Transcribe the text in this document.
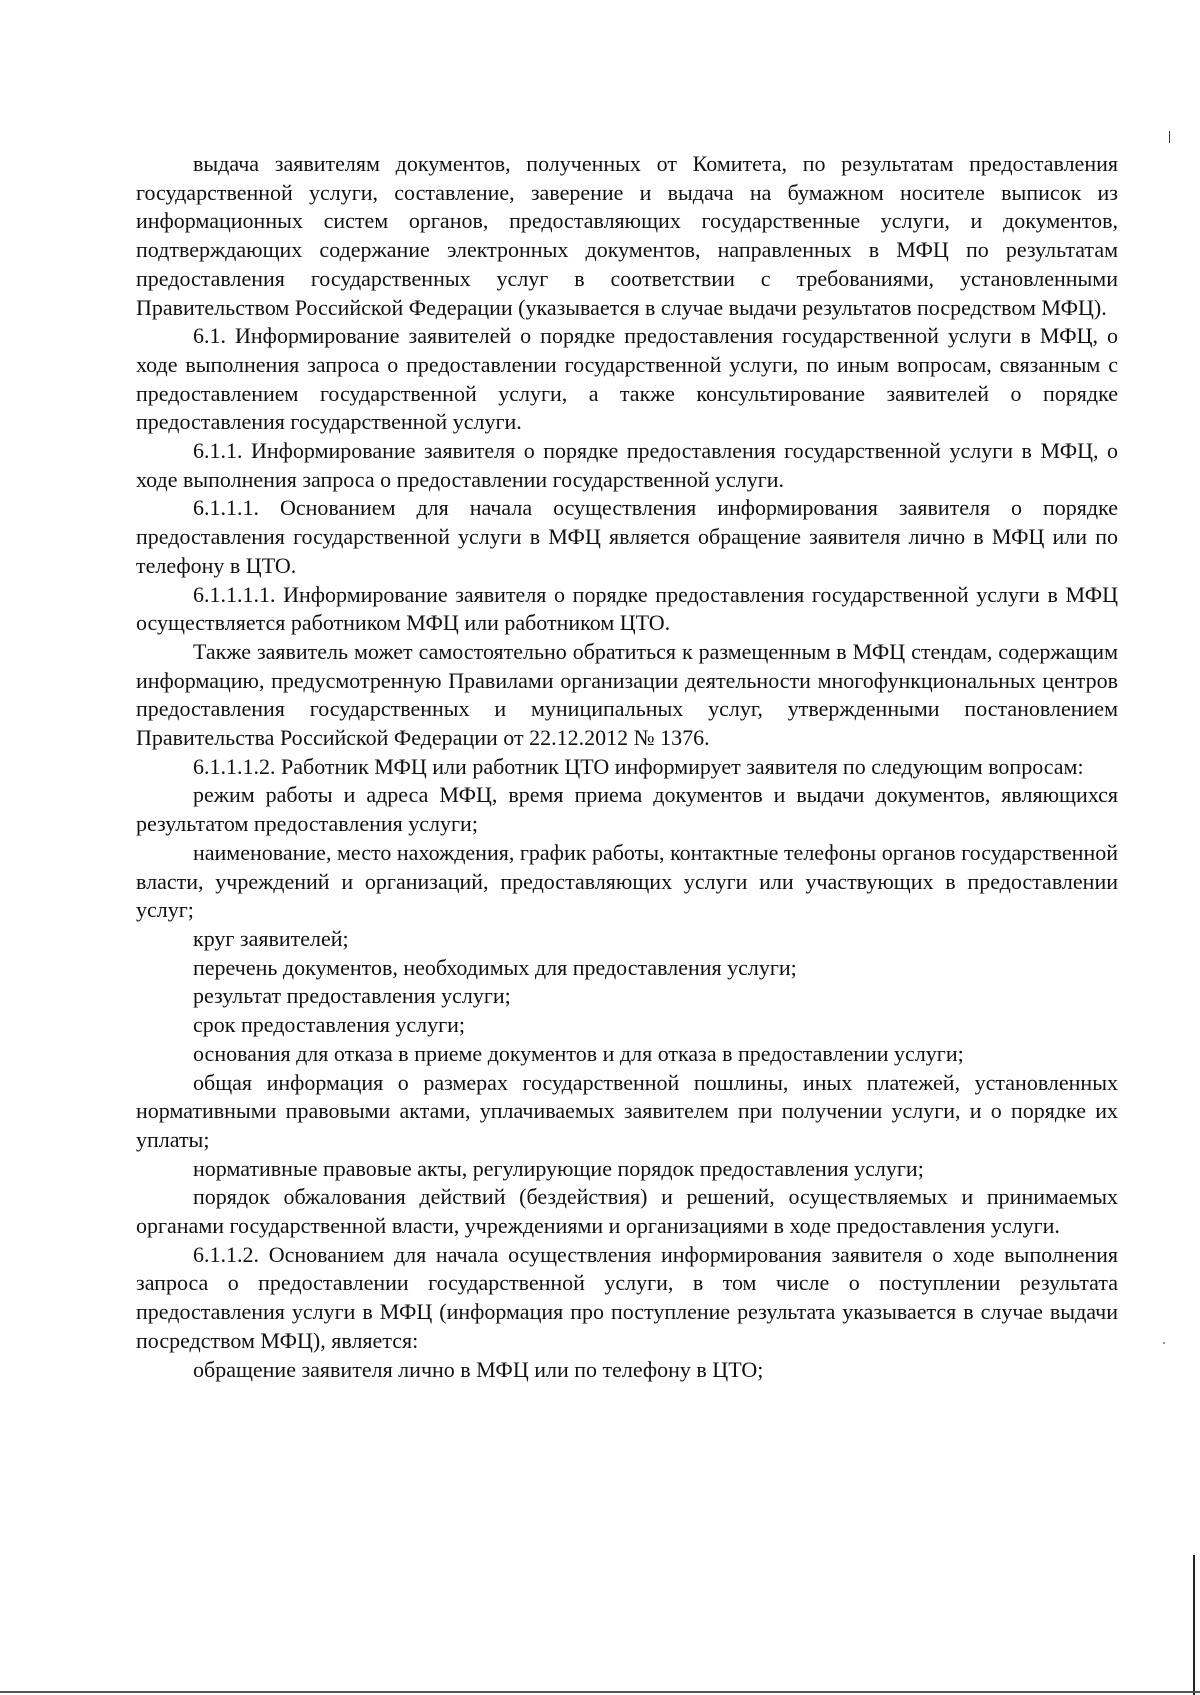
выдача заявителям документов, полученных от Комитета, по результатам предоставления государственной услуги, составление, заверение и выдача на бумажном носителе выписок из информационных систем органов, предоставляющих государственные услуги, и документов, подтверждающих содержание электронных документов, направленных в МФЦ по результатам предоставления государственных услуг в соответствии с требованиями, установленными Правительством Российской Федерации (указывается в случае выдачи результатов посредством МФЦ).

6.1. Информирование заявителей о порядке предоставления государственной услуги в МФЦ, о ходе выполнения запроса о предоставлении государственной услуги, по иным вопросам, связанным с предоставлением государственной услуги, а также консультирование заявителей о порядке предоставления государственной услуги.

6.1.1. Информирование заявителя о порядке предоставления государственной услуги в МФЦ, о ходе выполнения запроса о предоставлении государственной услуги.

6.1.1.1. Основанием для начала осуществления информирования заявителя о порядке предоставления государственной услуги в МФЦ является обращение заявителя лично в МФЦ или по телефону в ЦТО.

6.1.1.1.1. Информирование заявителя о порядке предоставления государственной услуги в МФЦ осуществляется работником МФЦ или работником ЦТО.

Также заявитель может самостоятельно обратиться к размещенным в МФЦ стендам, содержащим информацию, предусмотренную Правилами организации деятельности многофункциональных центров предоставления государственных и муниципальных услуг, утвержденными постановлением Правительства Российской Федерации от 22.12.2012 № 1376.

6.1.1.1.2. Работник МФЦ или работник ЦТО информирует заявителя по следующим вопросам:

режим работы и адреса МФЦ, время приема документов и выдачи документов, являющихся результатом предоставления услуги;

наименование, место нахождения, график работы, контактные телефоны органов государственной власти, учреждений и организаций, предоставляющих услуги или участвующих в предоставлении услуг;

круг заявителей;

перечень документов, необходимых для предоставления услуги;

результат предоставления услуги;

срок предоставления услуги;

основания для отказа в приеме документов и для отказа в предоставлении услуги;

общая информация о размерах государственной пошлины, иных платежей, установленных нормативными правовыми актами, уплачиваемых заявителем при получении услуги, и о порядке их уплаты;

нормативные правовые акты, регулирующие порядок предоставления услуги;

порядок обжалования действий (бездействия) и решений, осуществляемых и принимаемых органами государственной власти, учреждениями и организациями в ходе предоставления услуги.

6.1.1.2. Основанием для начала осуществления информирования заявителя о ходе выполнения запроса о предоставлении государственной услуги, в том числе о поступлении результата предоставления услуги в МФЦ (информация про поступление результата указывается в случае выдачи посредством МФЦ), является:

обращение заявителя лично в МФЦ или по телефону в ЦТО;
